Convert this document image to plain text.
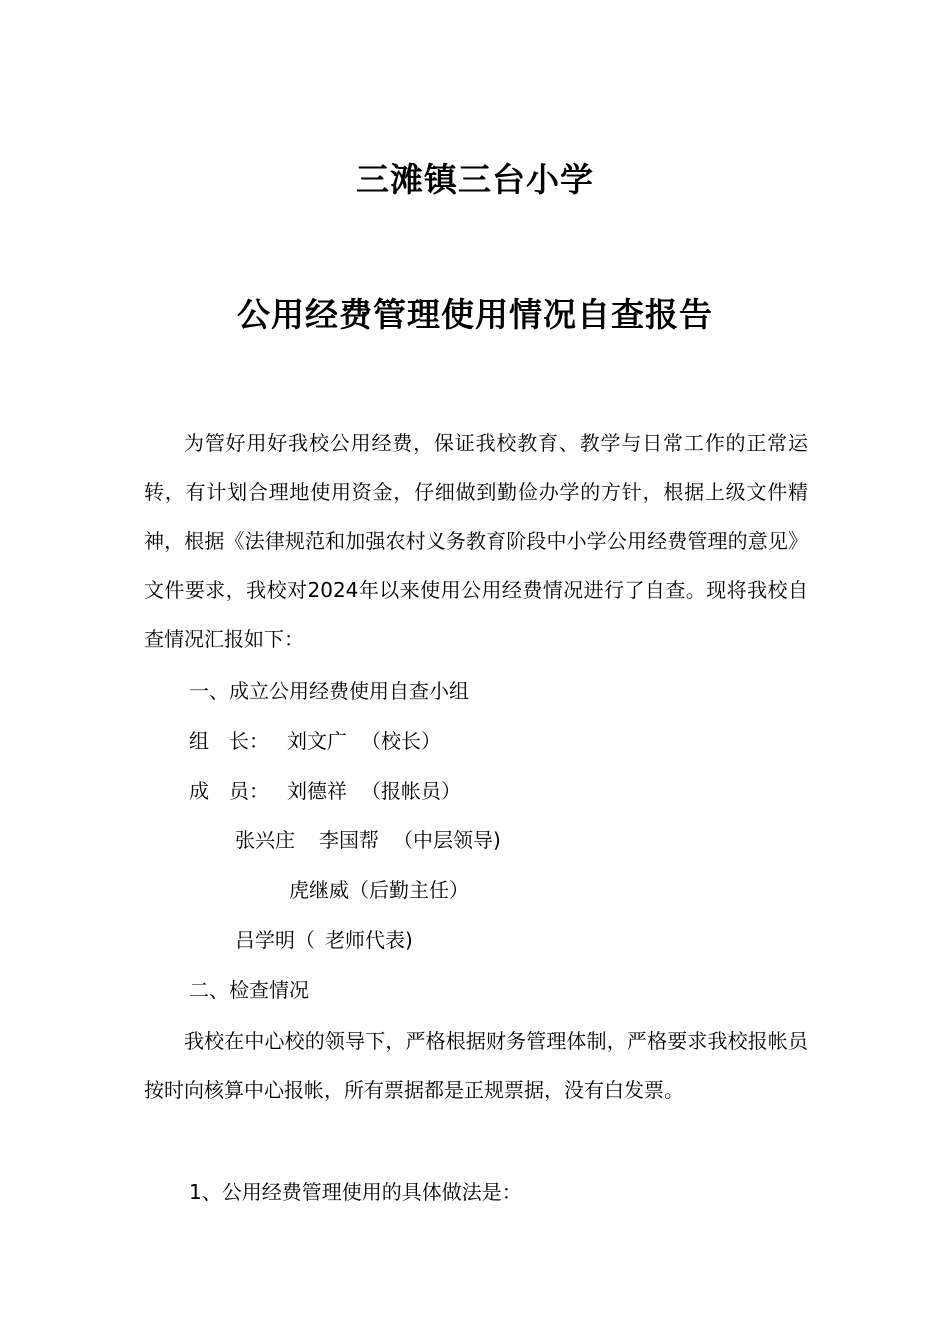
三滩镇三台小学
公用经费管理使用情况自查报告

为管好用好我校公用经费，保证我校教育、教学与日常工作的正常运转，有计划合理地使用资金，仔细做到勤俭办学的方针，根据上级文件精神，根据《法律规范和加强农村义务教育阶段中小学公用经费管理的意见》文件要求，我校对2024年以来使用公用经费情况进行了自查。现将我校自查情况汇报如下：

一、成立公用经费使用自查小组
组　长： 刘文广 （校长）
成　员： 刘德祥 （报帐员）
张兴庄 李国帮 （中层领导)
虎继威（后勤主任）
吕学明（ 老师代表)
二、检查情况

我校在中心校的领导下，严格根据财务管理体制，严格要求我校报帐员按时向核算中心报帐，所有票据都是正规票据，没有白发票。

1、公用经费管理使用的具体做法是：
